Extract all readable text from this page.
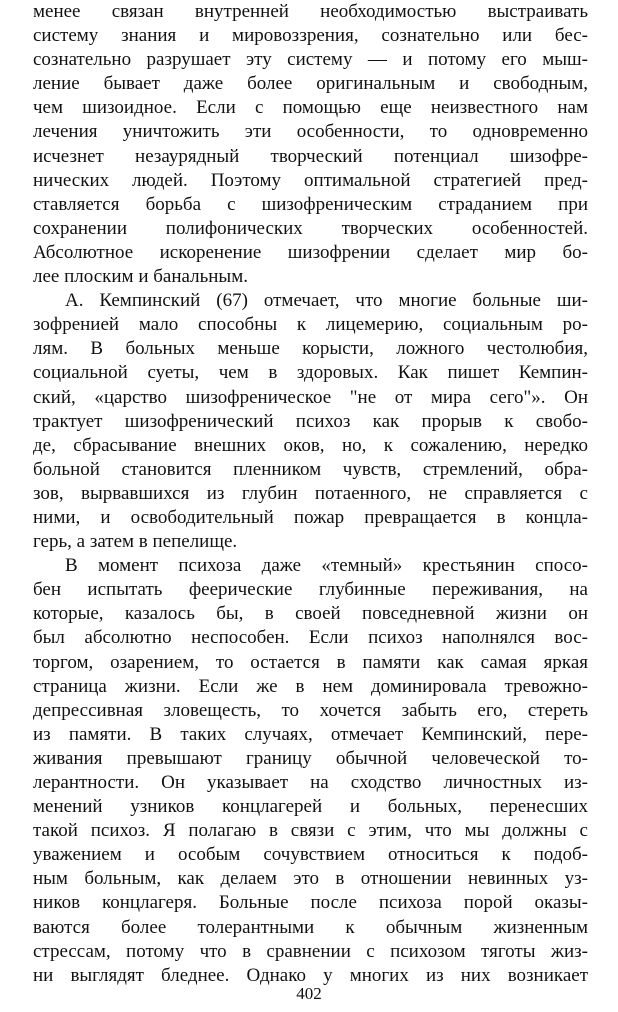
менее связан внутренней необходимостью выстраивать
систему знания и мировоззрения, сознательно или бес-
сознательно разрушает эту систему — и потому его мыш-
ление бывает даже более оригинальным и свободным,
чем шизоидное. Если с помощью еще неизвестного нам
лечения уничтожить эти особенности, то одновременно
исчезнет незаурядный творческий потенциал шизофре-
нических людей. Поэтому оптимальной стратегией пред-
ставляется борьба с шизофреническим страданием при
сохранении полифонических творческих особенностей.
Абсолютное искоренение шизофрении сделает мир бо-
лее плоским и банальным.
А. Кемпинский (67) отмечает, что многие больные ши-
зофренией мало способны к лицемерию, социальным ро-
лям. В больных меньше корысти, ложного честолюбия,
социальной суеты, чем в здоровых. Как пишет Кемпин-
ский, «царство шизофреническое "не от мира сего"». Он
трактует шизофренический психоз как прорыв к свобо-
де, сбрасывание внешних оков, но, к сожалению, нередко
больной становится пленником чувств, стремлений, обра-
зов, вырвавшихся из глубин потаенного, не справляется с
ними, и освободительный пожар превращается в концла-
герь, а затем в пепелище.
В момент психоза даже «темный» крестьянин спосо-
бен испытать феерические глубинные переживания, на
которые, казалось бы, в своей повседневной жизни он
был абсолютно неспособен. Если психоз наполнялся вос-
торгом, озарением, то остается в памяти как самая яркая
страница жизни. Если же в нем доминировала тревожно-
депрессивная зловещесть, то хочется забыть его, стереть
из памяти. В таких случаях, отмечает Кемпинский, пере-
живания превышают границу обычной человеческой то-
лерантности. Он указывает на сходство личностных из-
менений узников концлагерей и больных, перенесших
такой психоз. Я полагаю в связи с этим, что мы должны с
уважением и особым сочувствием относиться к подоб-
ным больным, как делаем это в отношении невинных уз-
ников концлагеря. Больные после психоза порой оказы-
ваются более толерантными к обычным жизненным
стрессам, потому что в сравнении с психозом тяготы жиз-
ни выглядят бледнее. Однако у многих из них возникает
402
